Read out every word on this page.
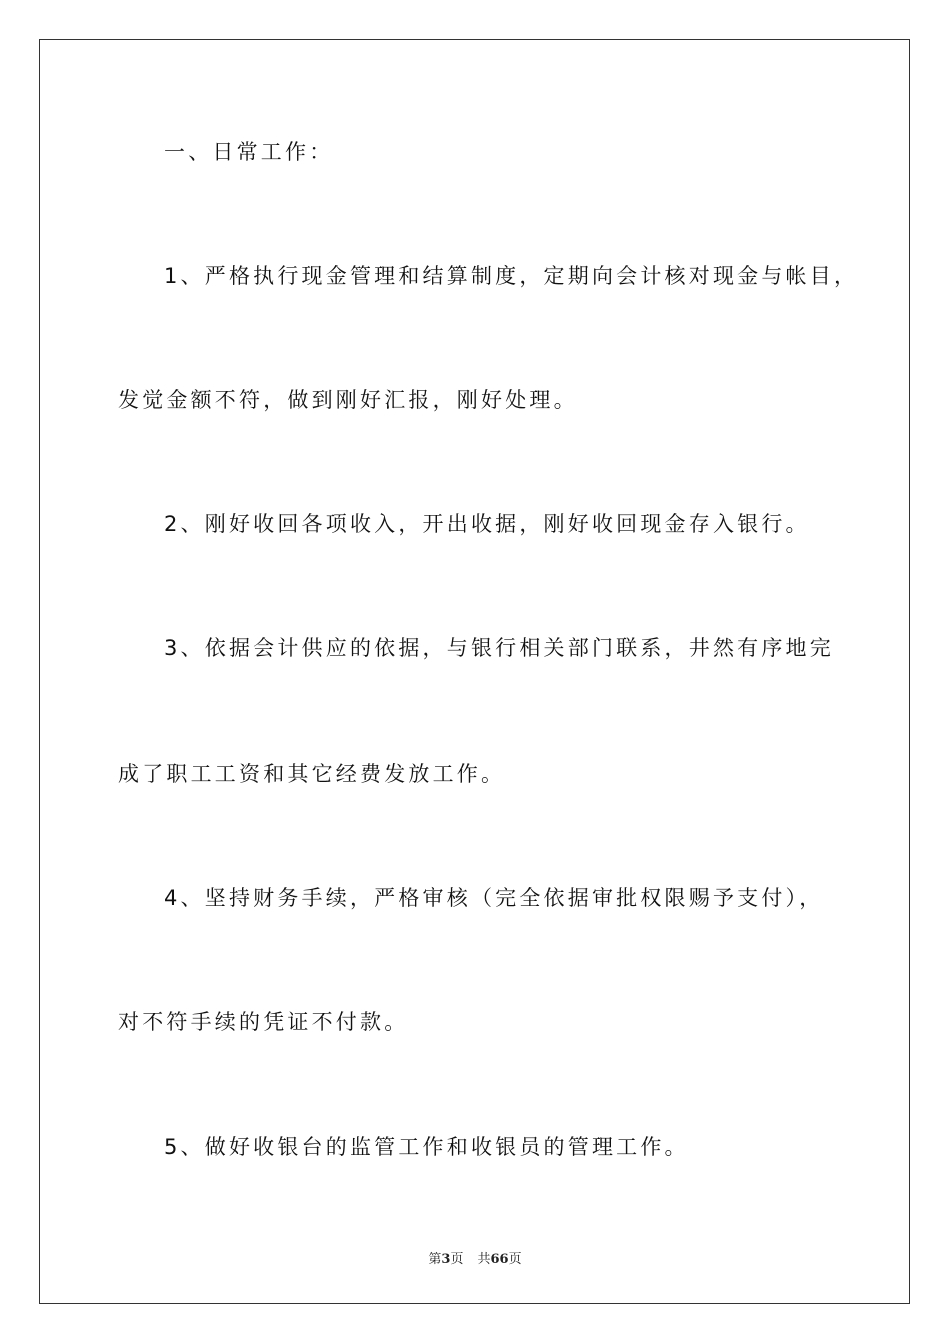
一、日常工作：
1、严格执行现金管理和结算制度，定期向会计核对现金与帐目，
发觉金额不符，做到刚好汇报，刚好处理。
2、刚好收回各项收入，开出收据，刚好收回现金存入银行。
3、依据会计供应的依据，与银行相关部门联系，井然有序地完
成了职工工资和其它经费发放工作。
4、坚持财务手续，严格审核（完全依据审批权限赐予支付），
对不符手续的凭证不付款。
5、做好收银台的监管工作和收银员的管理工作。
第3页 共66页
